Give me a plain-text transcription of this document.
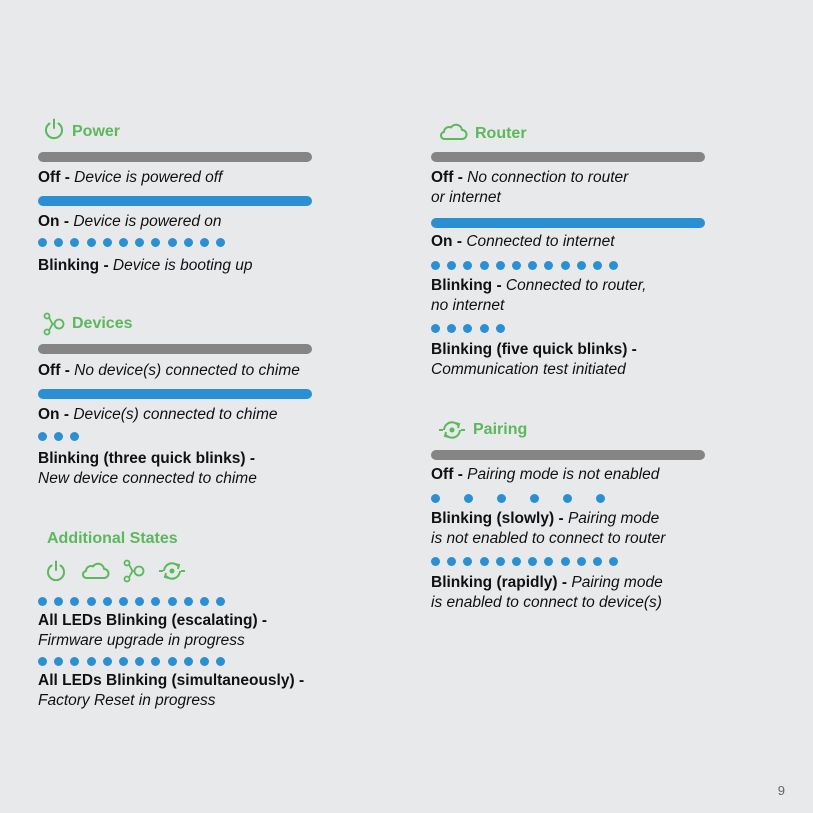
Power
Off - Device is powered off
On - Device is powered on
Blinking - Device is booting up
Devices
Off - No device(s) connected to chime
On - Device(s) connected to chime
Blinking (three quick blinks) -
New device connected to chime
Additional States
All LEDs Blinking (escalating) -
Firmware upgrade in progress
All LEDs Blinking (simultaneously) -
Factory Reset in progress
Router
Off - No connection to router
or internet
On - Connected to internet
Blinking - Connected to router,
no internet
Blinking (five quick blinks) -
Communication test initiated
Pairing
Off - Pairing mode is not enabled
Blinking (slowly) - Pairing mode
is not enabled to connect to router
Blinking (rapidly) - Pairing mode
is enabled to connect to device(s)
9
